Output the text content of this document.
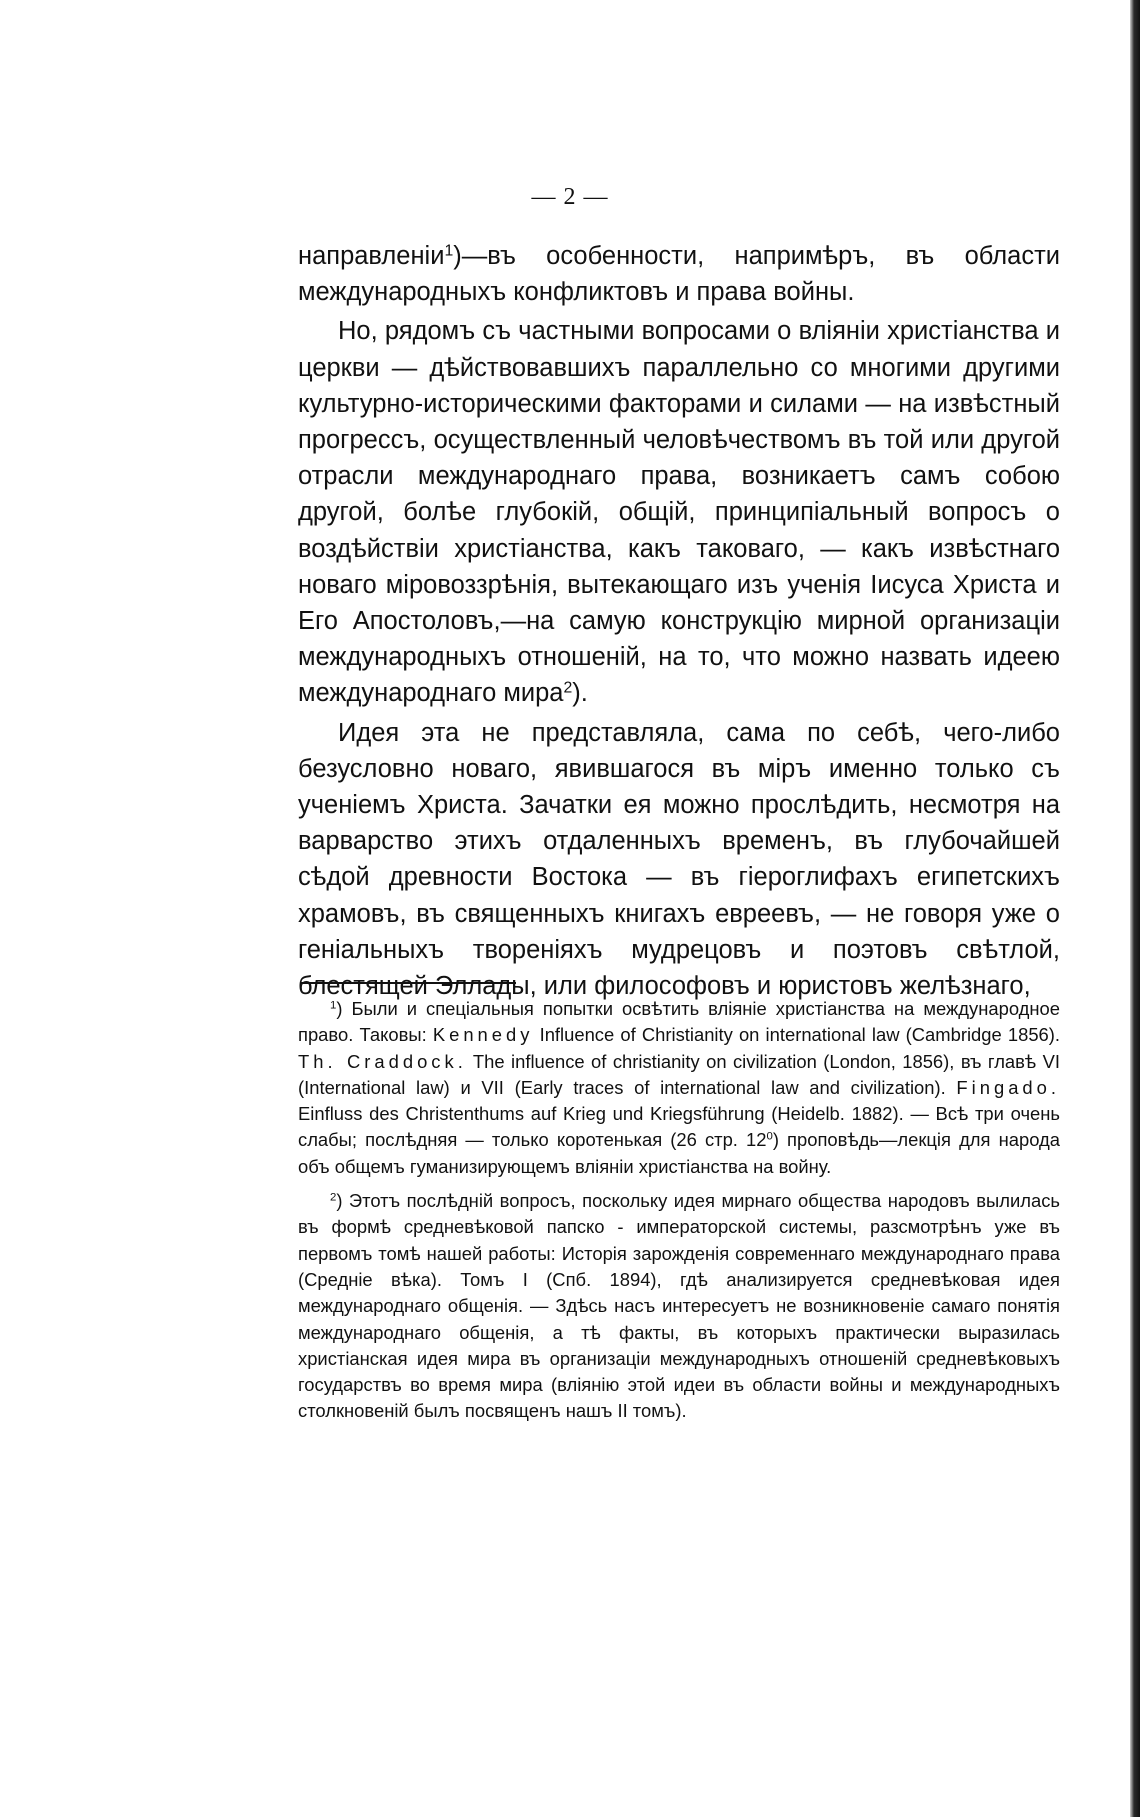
— 2 —

направленіи$^1$)—въ особенности, напримѣръ, въ области международныхъ конфликтовъ и права войны.

Но, рядомъ съ частными вопросами о вліяніи христіанства и церкви — дѣйствовавшихъ параллельно со многими другими культурно-историческими факторами и силами — на извѣстный прогрессъ, осуществленный человѣчествомъ въ той или другой отрасли международнаго права, возникаетъ самъ собою другой, болѣе глубокій, общій, принципіальный вопросъ о воздѣйствіи христіанства, какъ таковаго, — какъ извѣстнаго новаго міровоззрѣнія, вытекающаго изъ ученія Іисуса Христа и Его Апостоловъ,—на самую конструкцію мирной организаціи международныхъ отношеній, на то, что можно назвать идеею международнаго мира$^2$).

Идея эта не представляла, сама по себѣ, чего-либо безусловно новаго, явившагося въ міръ именно только съ ученіемъ Христа. Зачатки ея можно прослѣдить, несмотря на варварство этихъ отдаленныхъ временъ, въ глубочайшей сѣдой древности Востока — въ гіероглифахъ египетскихъ храмовъ, въ священныхъ книгахъ евреевъ, — не говоря уже о геніальныхъ твореніяхъ мудрецовъ и поэтовъ свѣтлой, блестящей Эллады, или философовъ и юристовъ желѣзнаго,

$^1$) Были и спеціальныя попытки освѣтить вліяніе христіанства на международное право. Таковы: Kennedy Influence of Christianity on international law (Cambridge 1856). Th. Craddock. The influence of christianity on civilization (London, 1856), въ главѣ VI (International law) и VII (Early traces of international law and civilization). Fingado. Einfluss des Christenthums auf Krieg und Kriegsführung (Heidelb. 1882). — Всѣ три очень слабы; послѣдняя — только коротенькая (26 стр. $12^0$) проповѣдь—лекція для народа объ общемъ гуманизирующемъ вліяніи христіанства на войну.

$^2$) Этотъ послѣдній вопросъ, поскольку идея мирнаго общества народовъ вылилась въ формѣ средневѣковой папско - императорской системы, разсмотрѣнъ уже въ первомъ томѣ нашей работы: Исторія зарожденія современнаго международнаго права (Средніе вѣка). Томъ I (Спб. 1894), гдѣ анализируется средневѣковая идея международнаго общенія. — Здѣсь насъ интересуетъ не возникновеніе самаго понятія международнаго общенія, а тѣ факты, въ которыхъ практически выразилась христіанская идея мира въ организаціи международныхъ отношеній средневѣковыхъ государствъ во время мира (вліянію этой идеи въ области войны и международныхъ столкновеній былъ посвященъ нашъ II томъ).
